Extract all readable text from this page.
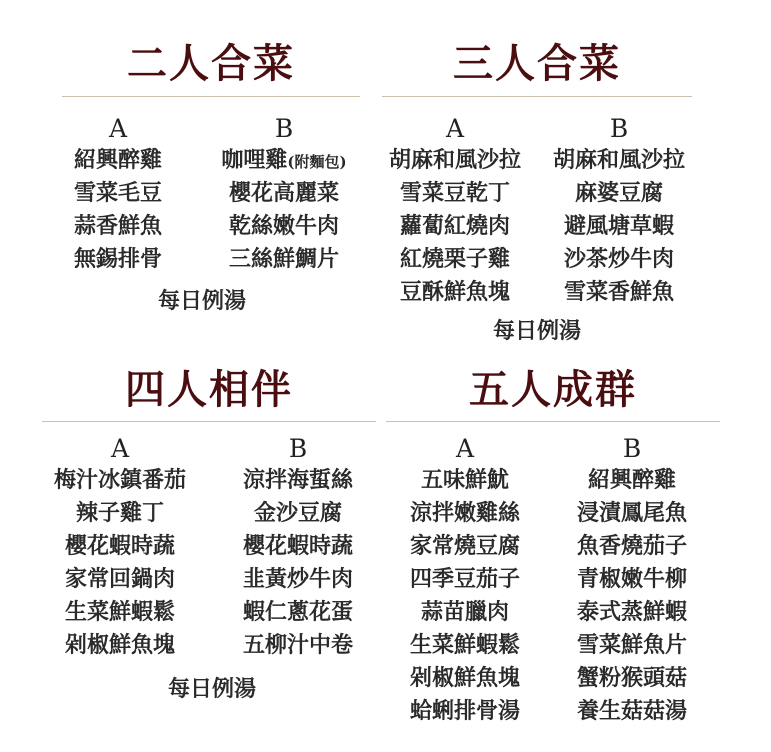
二人合菜
A
紹興醉雞
雪菜毛豆
蒜香鮮魚
無錫排骨
B
咖哩雞(附麵包)
櫻花高麗菜
乾絲嫩牛肉
三絲鮮鯛片
每日例湯
三人合菜
A
胡麻和風沙拉
雪菜豆乾丁
蘿蔔紅燒肉
紅燒栗子雞
豆酥鮮魚塊
B
胡麻和風沙拉
麻婆豆腐
避風塘草蝦
沙茶炒牛肉
雪菜香鮮魚
每日例湯
四人相伴
A
梅汁冰鎮番茄
辣子雞丁
櫻花蝦時蔬
家常回鍋肉
生菜鮮蝦鬆
剁椒鮮魚塊
B
涼拌海蜇絲
金沙豆腐
櫻花蝦時蔬
韭黃炒牛肉
蝦仁蔥花蛋
五柳汁中卷
每日例湯
五人成群
A
五味鮮魷
涼拌嫩雞絲
家常燒豆腐
四季豆茄子
蒜苗臘肉
生菜鮮蝦鬆
剁椒鮮魚塊
蛤蜊排骨湯
B
紹興醉雞
浸漬鳳尾魚
魚香燒茄子
青椒嫩牛柳
泰式蒸鮮蝦
雪菜鮮魚片
蟹粉猴頭菇
養生菇菇湯
